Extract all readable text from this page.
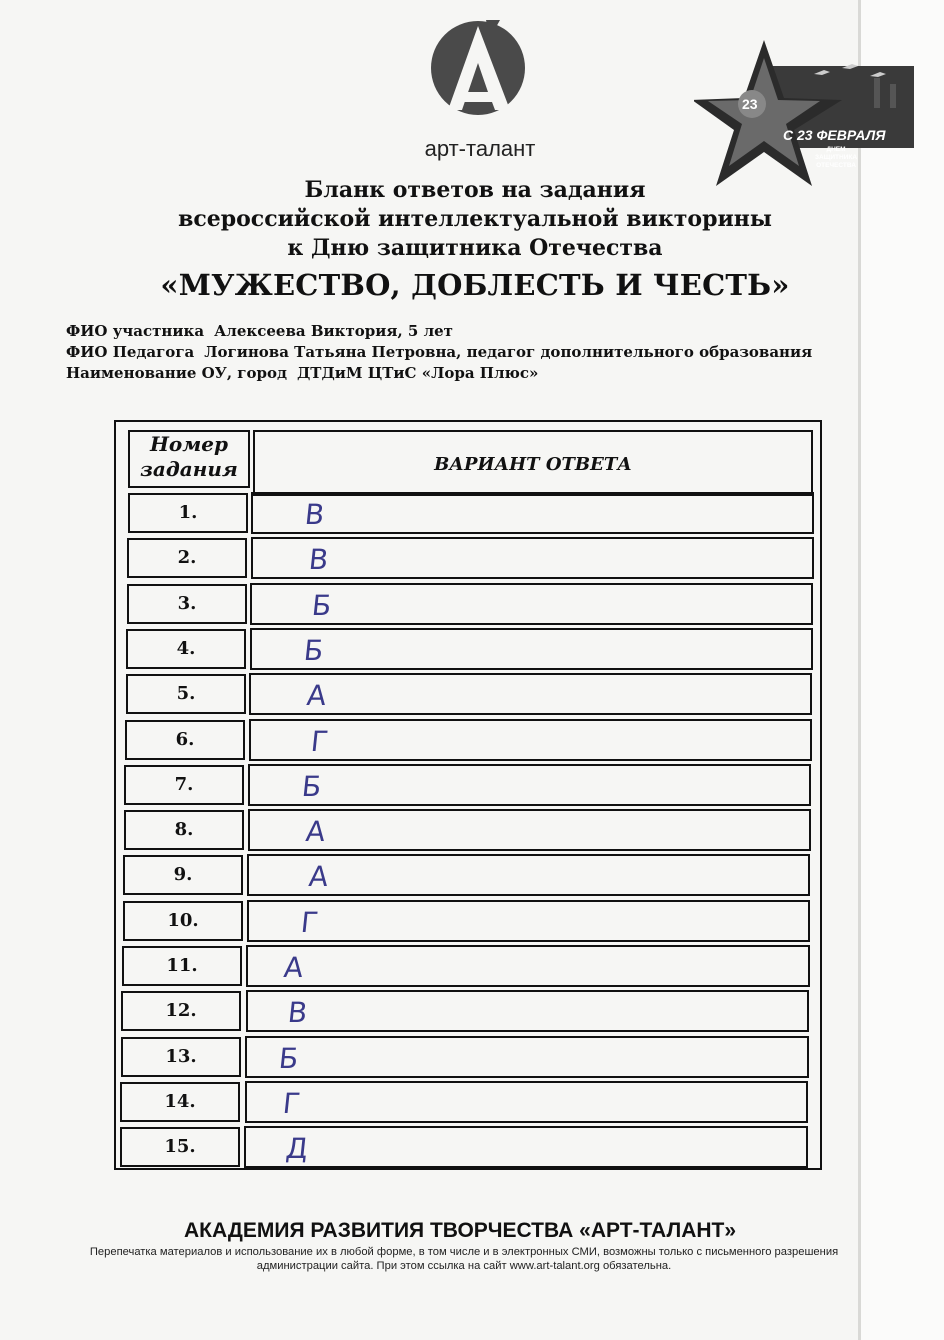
арт-талант
23
С 23 ФЕВРАЛЯ
ДНЕМ ЗАЩИТНИКА ОТЕЧЕСТВА
Бланк ответов на задания
всероссийской интеллектуальной викторины
к Дню защитника Отечества
«МУЖЕСТВО, ДОБЛЕСТЬ И ЧЕСТЬ»
ФИО участника Алексеева Виктория, 5 лет
ФИО Педагога Логинова Татьяна Петровна, педагог дополнительного образования
Наименование ОУ, город ДТДиМ ЦТиС «Лора Плюс»
Номер задания	ВАРИАНТ ОТВЕТА
1.	В
2.	В
3.	Б
4.	Б
5.	А
6.	Г
7.	Б
8.	А
9.	А
10.	Г
11.	А
12.	В
13.	Б
14.	Г
15.	Д
АКАДЕМИЯ РАЗВИТИЯ ТВОРЧЕСТВА «АРТ-ТАЛАНТ»
Перепечатка материалов и использование их в любой форме, в том числе и в электронных СМИ, возможны только с письменного разрешения администрации сайта. При этом ссылка на сайт www.art-talant.org обязательна.
